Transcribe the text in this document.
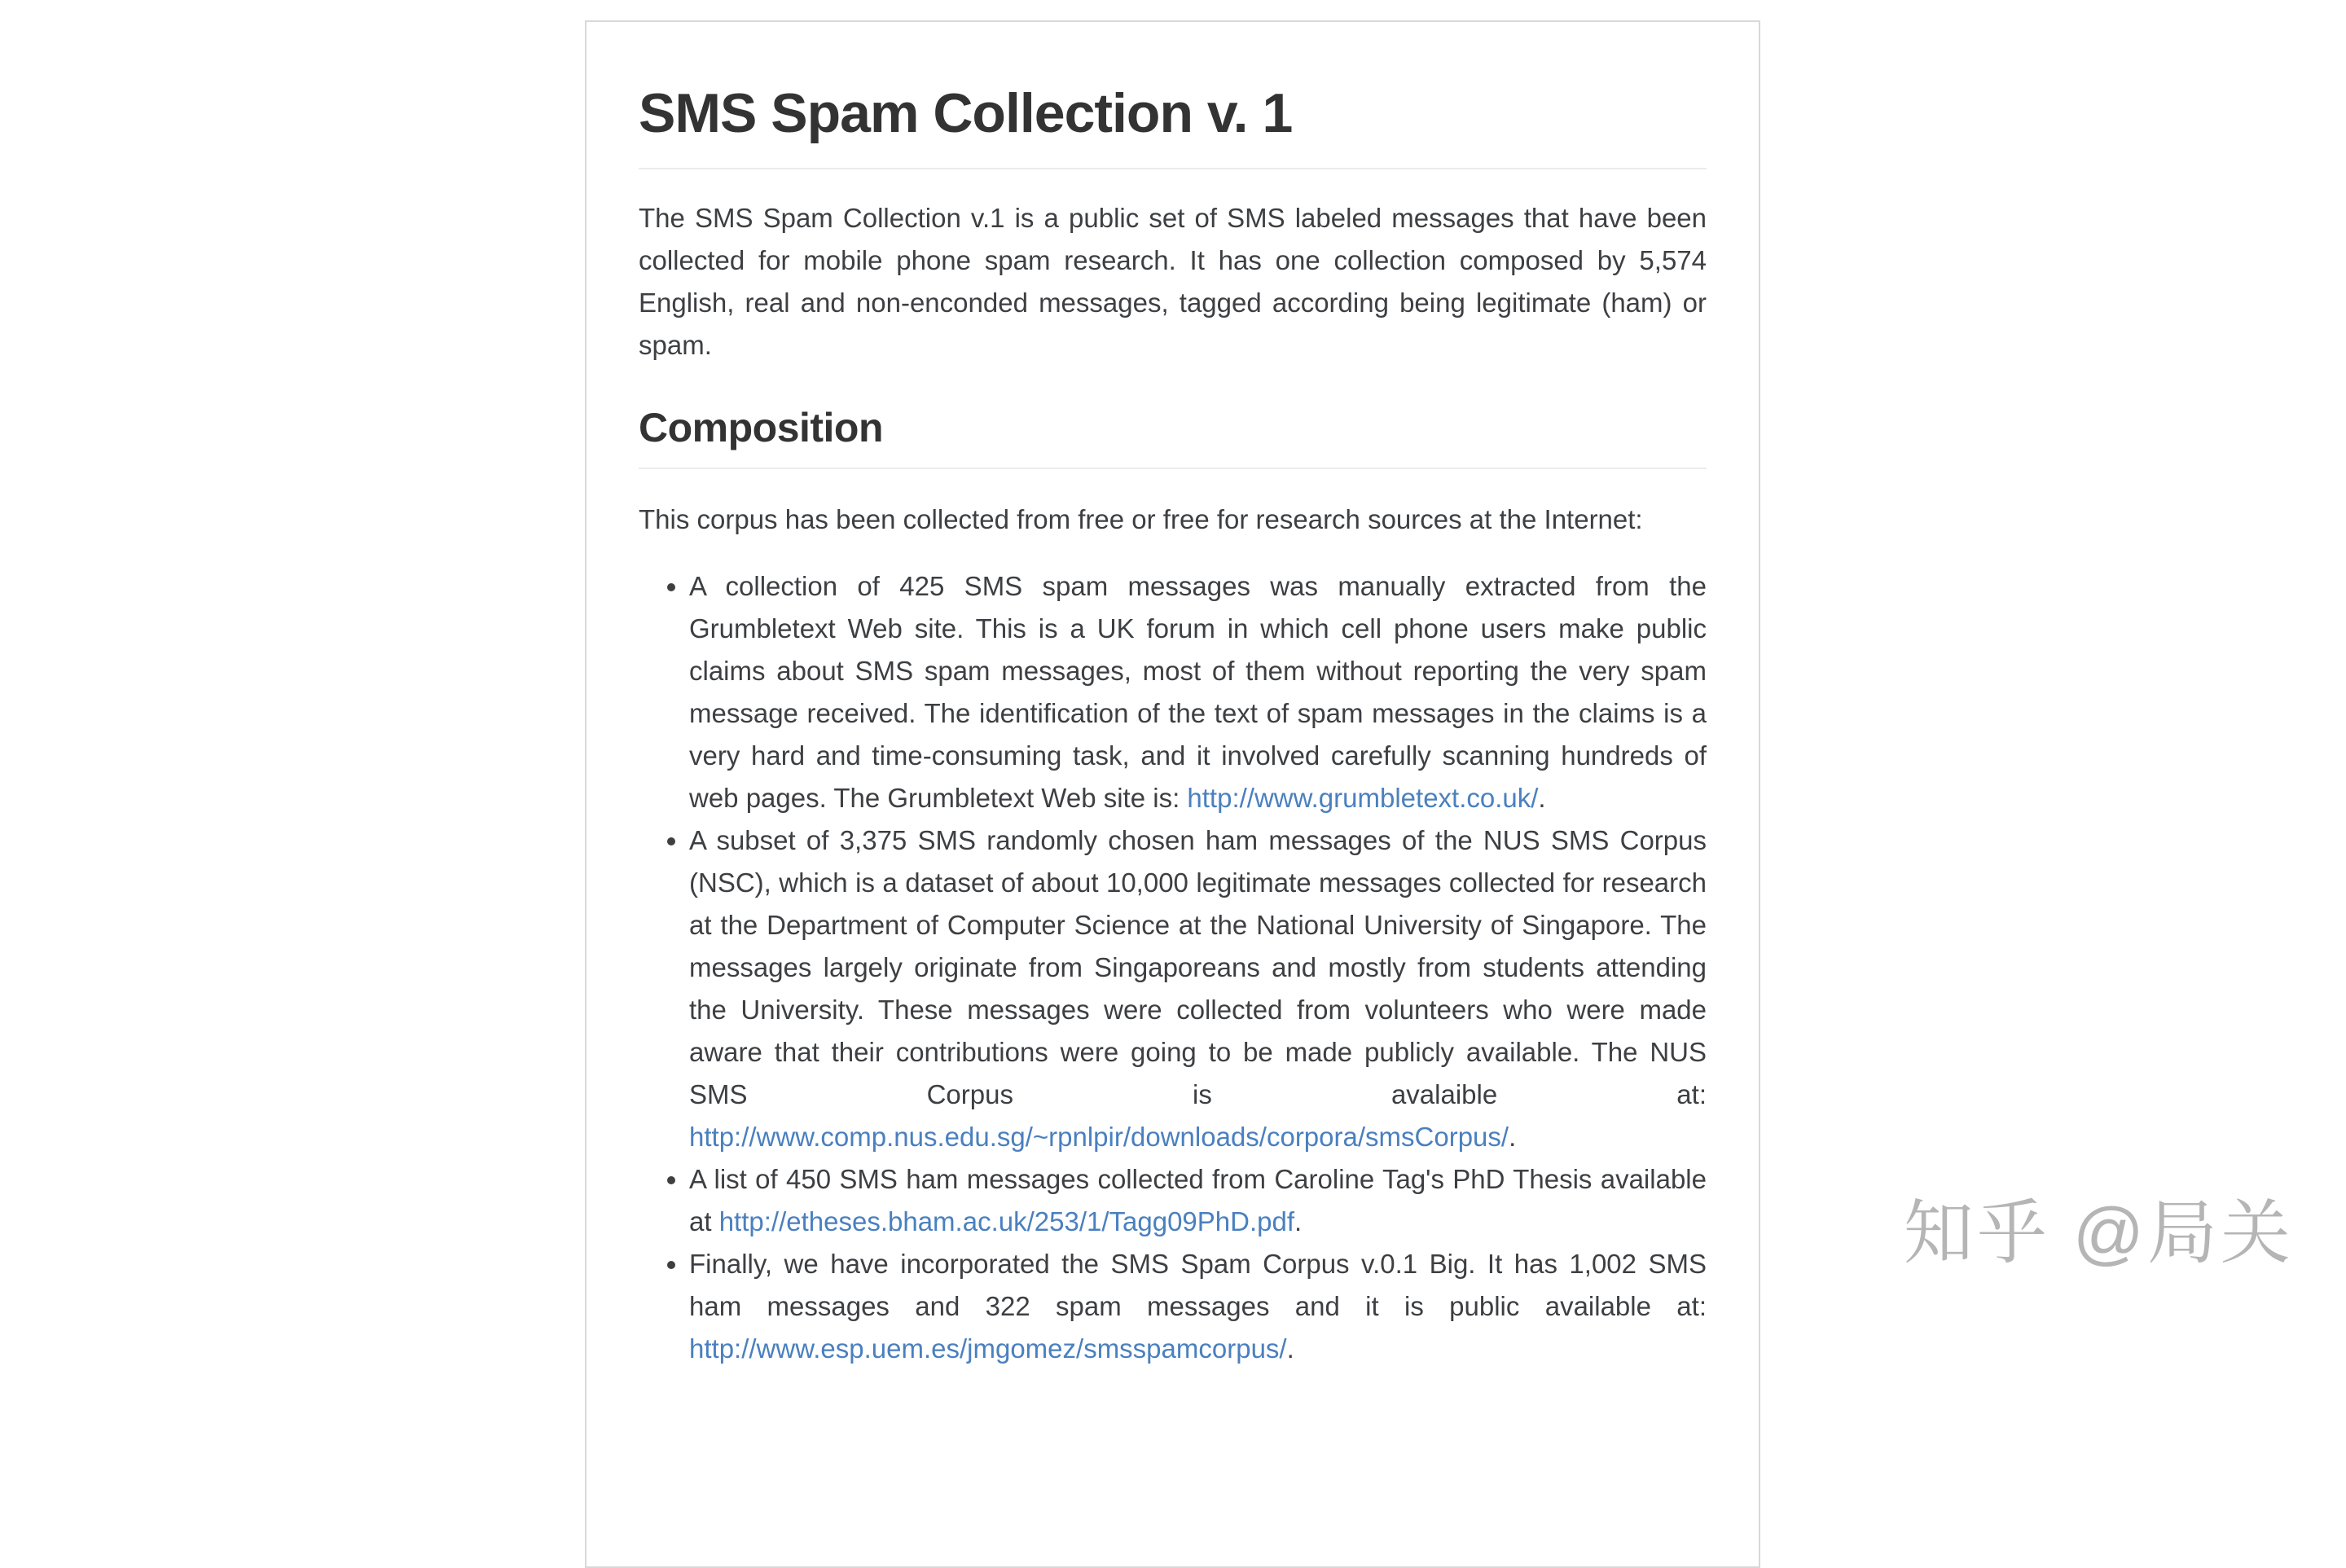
SMS Spam Collection v. 1

The SMS Spam Collection v.1 is a public set of SMS labeled messages that have been collected for mobile phone spam research. It has one collection composed by 5,574 English, real and non-enconded messages, tagged according being legitimate (ham) or spam.

Composition

This corpus has been collected from free or free for research sources at the Internet:

• A collection of 425 SMS spam messages was manually extracted from the Grumbletext Web site. This is a UK forum in which cell phone users make public claims about SMS spam messages, most of them without reporting the very spam message received. The identification of the text of spam messages in the claims is a very hard and time-consuming task, and it involved carefully scanning hundreds of web pages. The Grumbletext Web site is: http://www.grumbletext.co.uk/.
• A subset of 3,375 SMS randomly chosen ham messages of the NUS SMS Corpus (NSC), which is a dataset of about 10,000 legitimate messages collected for research at the Department of Computer Science at the National University of Singapore. The messages largely originate from Singaporeans and mostly from students attending the University. These messages were collected from volunteers who were made aware that their contributions were going to be made publicly available. The NUS SMS Corpus is avalaible at: http://www.comp.nus.edu.sg/~rpnlpir/downloads/corpora/smsCorpus/.
• A list of 450 SMS ham messages collected from Caroline Tag's PhD Thesis available at http://etheses.bham.ac.uk/253/1/Tagg09PhD.pdf.
• Finally, we have incorporated the SMS Spam Corpus v.0.1 Big. It has 1,002 SMS ham messages and 322 spam messages and it is public available at: http://www.esp.uem.es/jmgomez/smsspamcorpus/.
知乎 @局关
